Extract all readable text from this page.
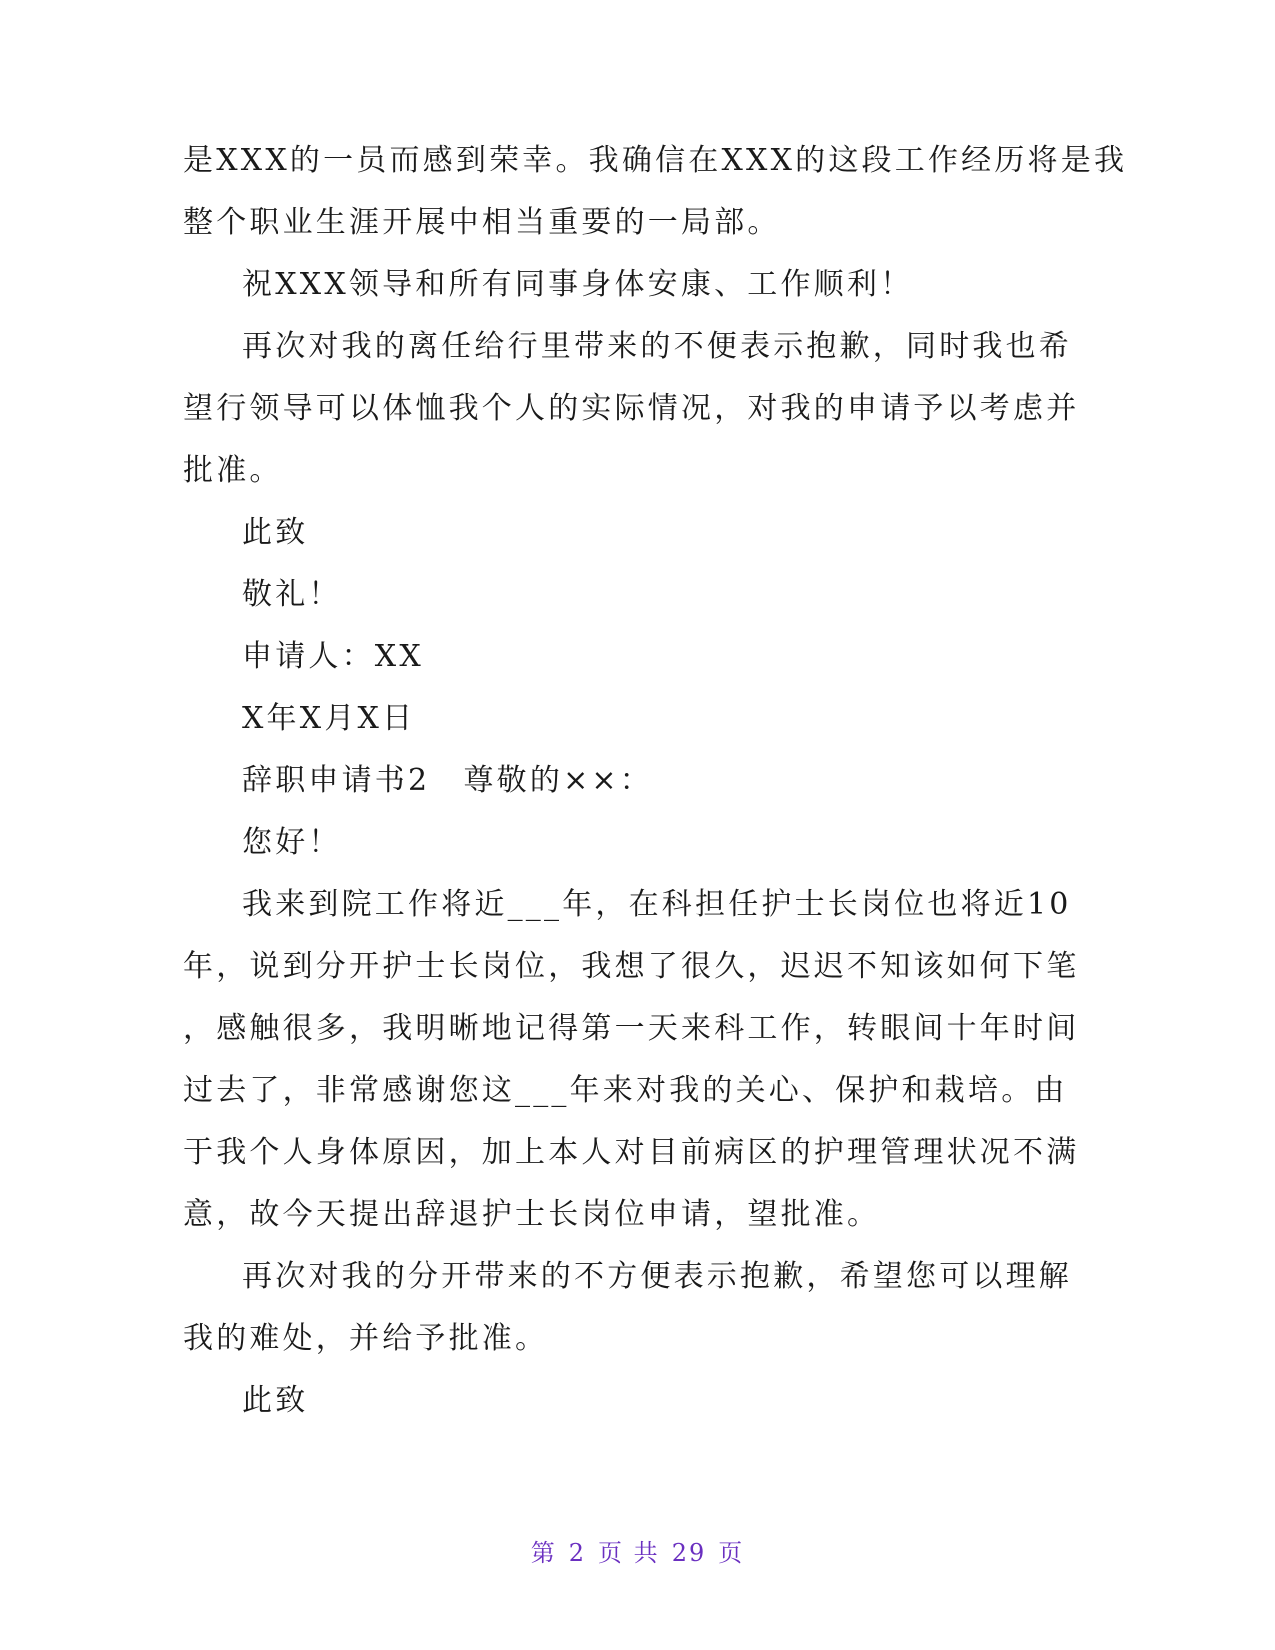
是XXX的一员而感到荣幸。我确信在XXX的这段工作经历将是我
整个职业生涯开展中相当重要的一局部。
祝XXX领导和所有同事身体安康、工作顺利！
再次对我的离任给行里带来的不便表示抱歉，同时我也希
望行领导可以体恤我个人的实际情况，对我的申请予以考虑并
批准。
此致
敬礼！
申请人：XX
X年X月X日
辞职申请书2　尊敬的××：
您好！
我来到院工作将近___年，在科担任护士长岗位也将近10
年，说到分开护士长岗位，我想了很久，迟迟不知该如何下笔
，感触很多，我明晰地记得第一天来科工作，转眼间十年时间
过去了，非常感谢您这___年来对我的关心、保护和栽培。由
于我个人身体原因，加上本人对目前病区的护理管理状况不满
意，故今天提出辞退护士长岗位申请，望批准。
再次对我的分开带来的不方便表示抱歉，希望您可以理解
我的难处，并给予批准。
此致
第 2 页 共 29 页
